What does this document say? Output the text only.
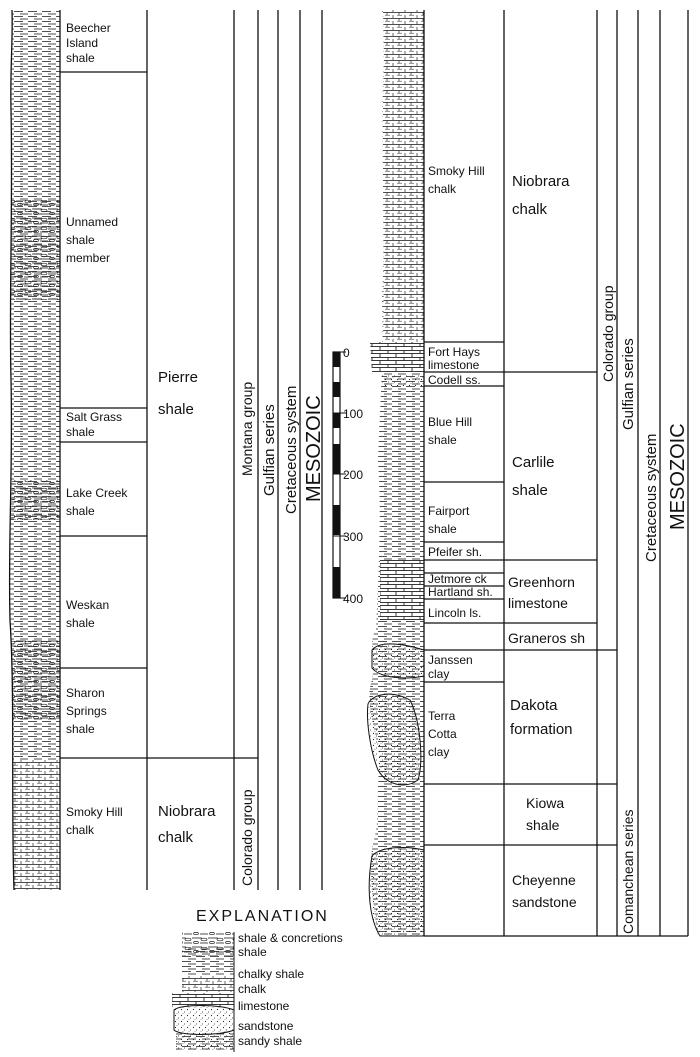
Beecher Island shale
Unnamed shale member
Salt Grass shale
Lake Creek shale
Weskan shale
Sharon Springs shale
Smoky Hill chalk
Pierre shale
Niobrara chalk
Montana group
Colorado group
Gulfian series Cretaceous system MESOZOIC
0
100
200
300
400
Smoky Hill chalk
Fort Hays limestone
Codell ss.
Blue Hill shale
Fairport shale
Pfeifer sh.
Jetmore ck
Hartland sh.
Lincoln ls.
Janssen clay
Terra Cotta clay
Niobrara chalk
Carlile shale
Greenhorn limestone
Graneros sh
Dakota formation
Kiowa shale
Cheyenne sandstone
Colorado group
Gulfian series
Comanchean series
Cretaceous system MESOZOIC
EXPLANATION
shale & concretions
shale
chalky shale
chalk
limestone
sandstone
sandy shale
